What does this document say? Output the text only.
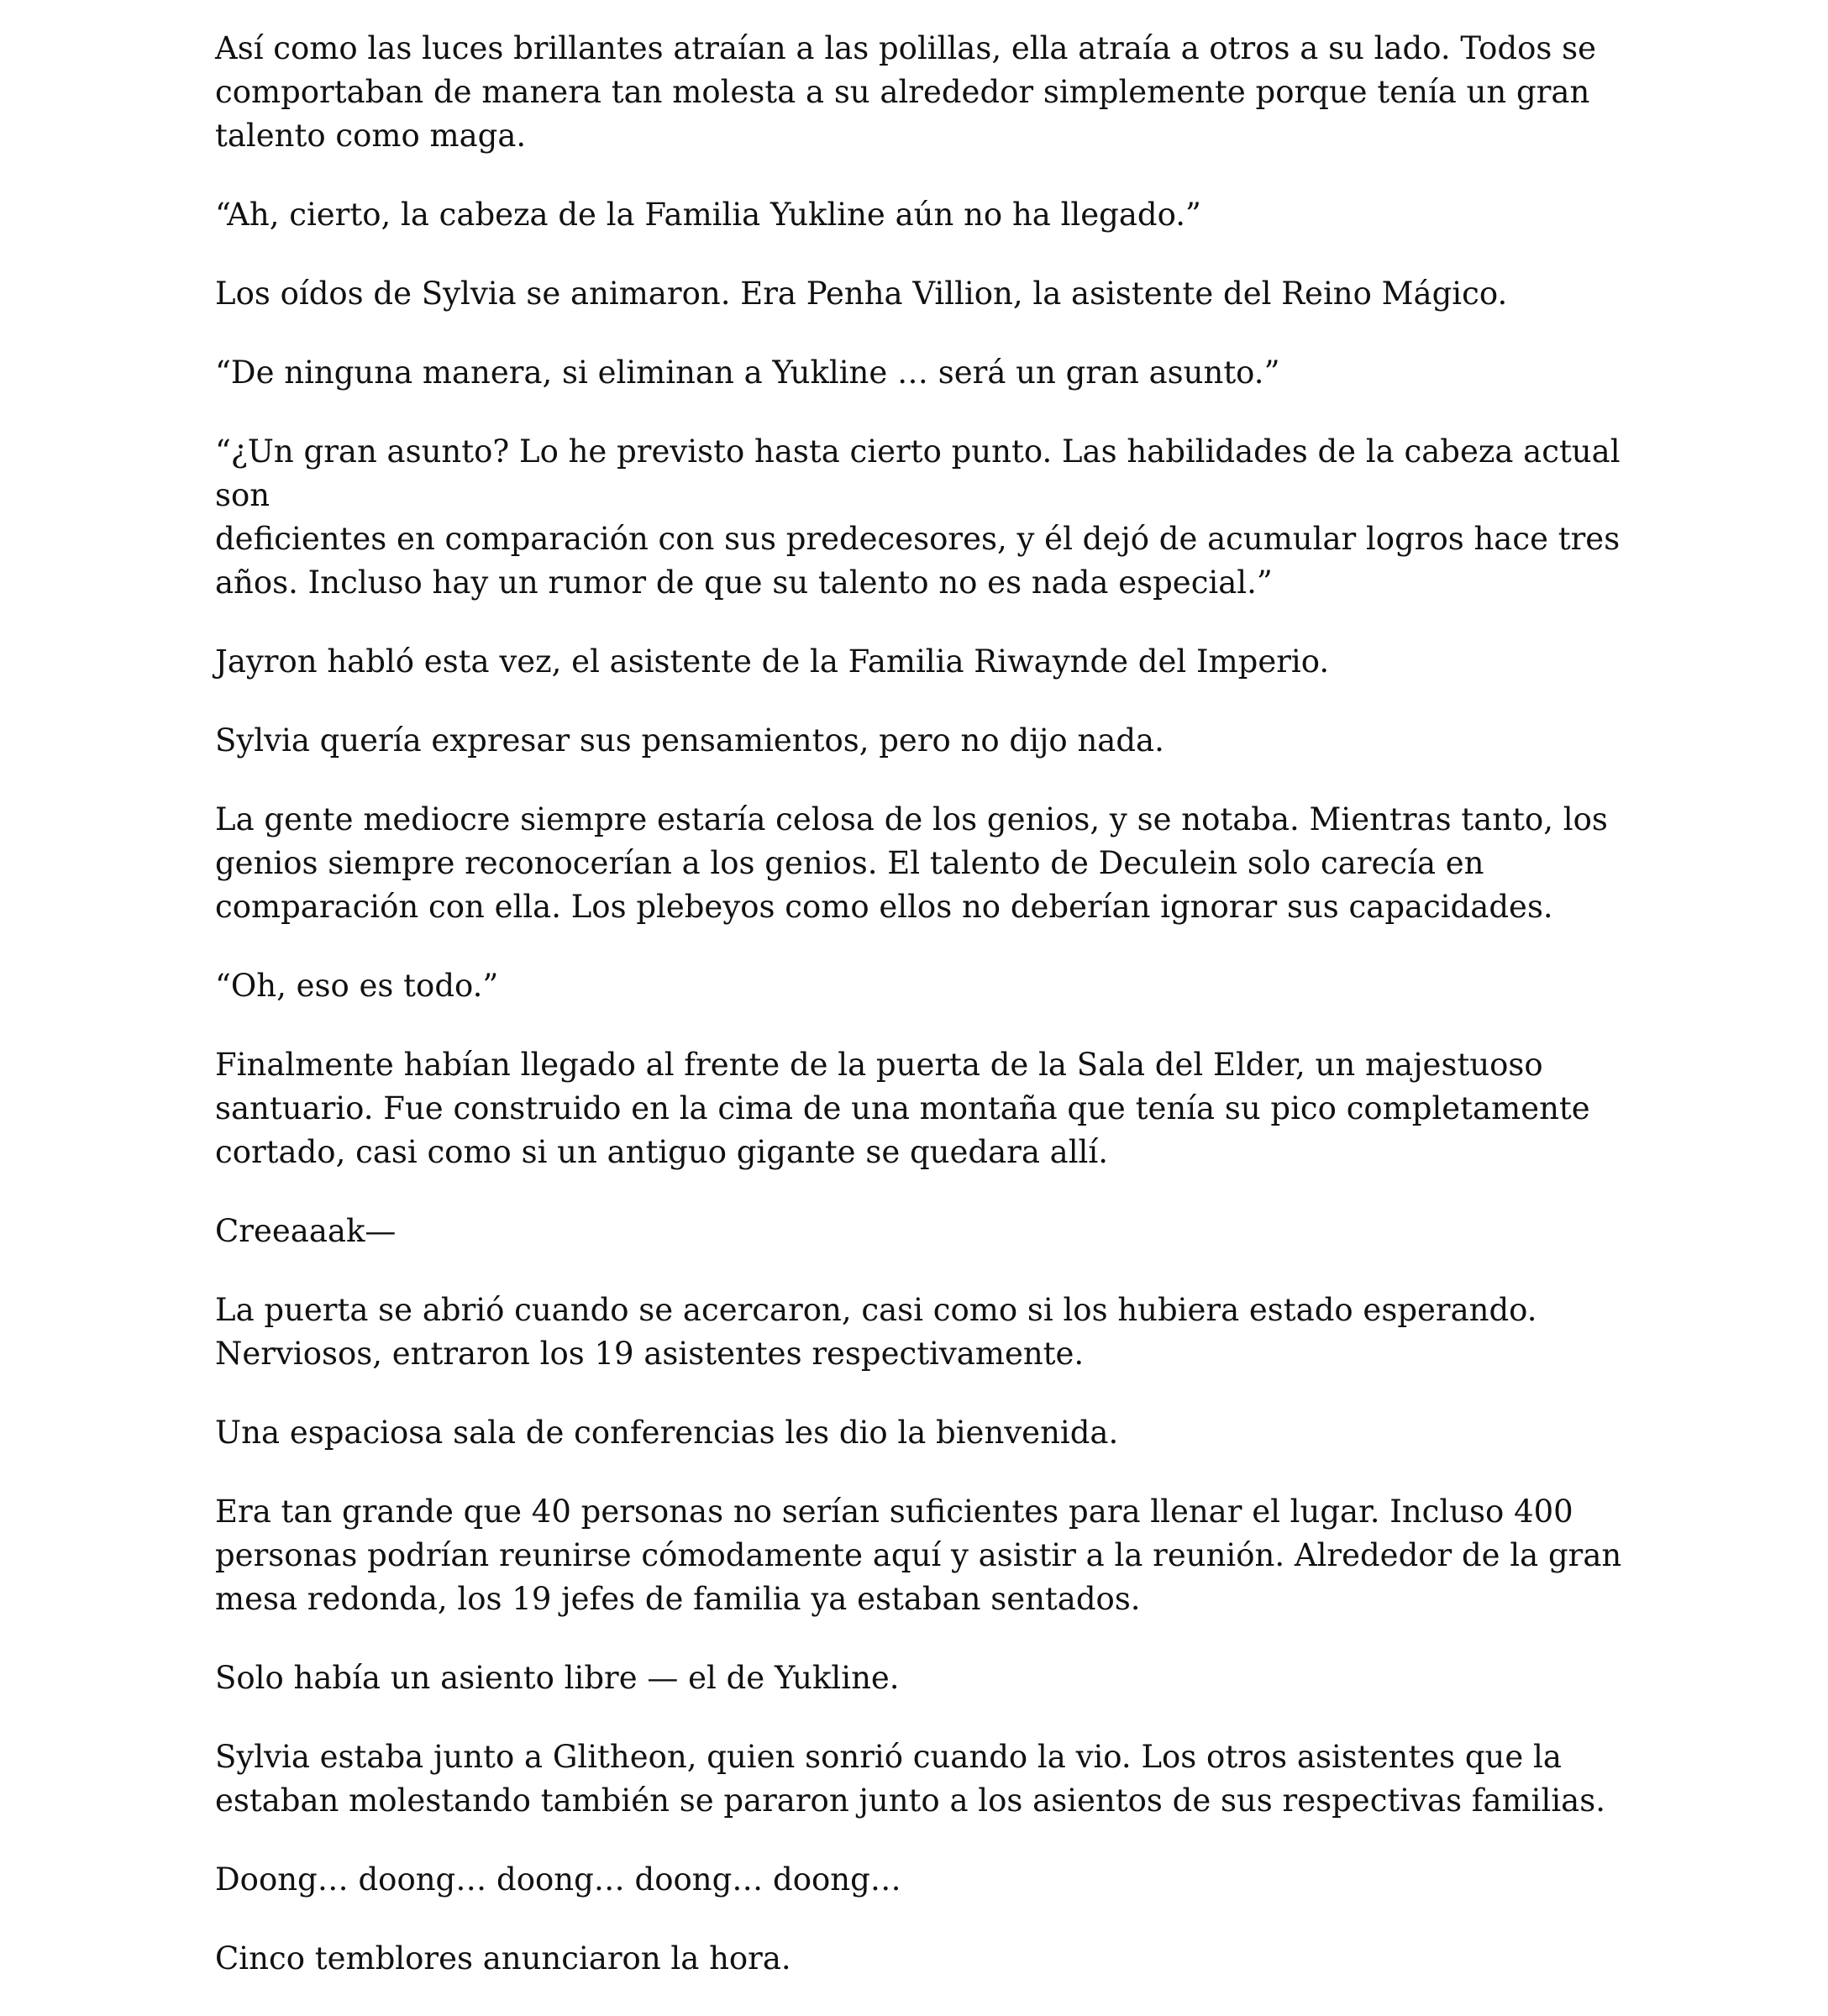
Así como las luces brillantes atraían a las polillas, ella atraía a otros a su lado. Todos se
comportaban de manera tan molesta a su alrededor simplemente porque tenía un gran
talento como maga.

“Ah, cierto, la cabeza de la Familia Yukline aún no ha llegado.”

Los oídos de Sylvia se animaron. Era Penha Villion, la asistente del Reino Mágico.

“De ninguna manera, si eliminan a Yukline … será un gran asunto.”

“¿Un gran asunto? Lo he previsto hasta cierto punto. Las habilidades de la cabeza actual son
deficientes en comparación con sus predecesores, y él dejó de acumular logros hace tres
años. Incluso hay un rumor de que su talento no es nada especial.”

Jayron habló esta vez, el asistente de la Familia Riwaynde del Imperio.

Sylvia quería expresar sus pensamientos, pero no dijo nada.

La gente mediocre siempre estaría celosa de los genios, y se notaba. Mientras tanto, los
genios siempre reconocerían a los genios. El talento de Deculein solo carecía en
comparación con ella. Los plebeyos como ellos no deberían ignorar sus capacidades.

“Oh, eso es todo.”

Finalmente habían llegado al frente de la puerta de la Sala del Elder, un majestuoso
santuario. Fue construido en la cima de una montaña que tenía su pico completamente
cortado, casi como si un antiguo gigante se quedara allí.

Creeaaak—

La puerta se abrió cuando se acercaron, casi como si los hubiera estado esperando.
Nerviosos, entraron los 19 asistentes respectivamente.

Una espaciosa sala de conferencias les dio la bienvenida.

Era tan grande que 40 personas no serían suficientes para llenar el lugar. Incluso 400
personas podrían reunirse cómodamente aquí y asistir a la reunión. Alrededor de la gran
mesa redonda, los 19 jefes de familia ya estaban sentados.

Solo había un asiento libre — el de Yukline.

Sylvia estaba junto a Glitheon, quien sonrió cuando la vio. Los otros asistentes que la
estaban molestando también se pararon junto a los asientos de sus respectivas familias.

Doong… doong… doong… doong… doong…

Cinco temblores anunciaron la hora.
